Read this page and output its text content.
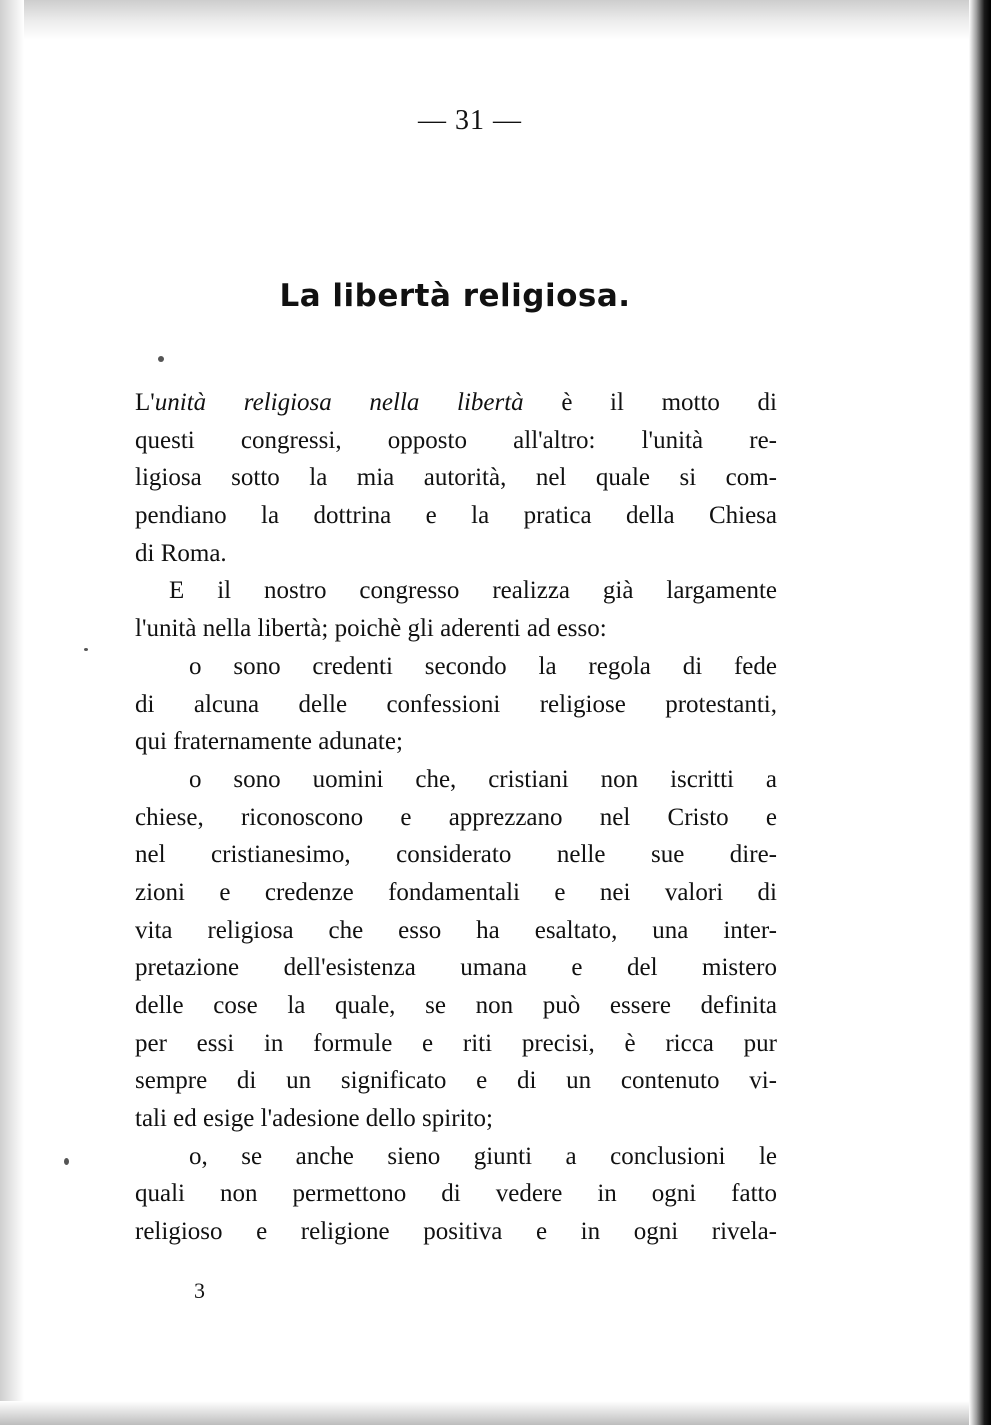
— 31 —
La libertà religiosa.
L'unità religiosa nella libertà è il motto di
questi congressi, opposto all'altro: l'unità re-
ligiosa sotto la mia autorità, nel quale si com-
pendiano la dottrina e la pratica della Chiesa
di Roma.
E il nostro congresso realizza già largamente
l'unità nella libertà; poichè gli aderenti ad esso:
o sono credenti secondo la regola di fede
di alcuna delle confessioni religiose protestanti,
qui fraternamente adunate;
o sono uomini che, cristiani non iscritti a
chiese, riconoscono e apprezzano nel Cristo e
nel cristianesimo, considerato nelle sue dire-
zioni e credenze fondamentali e nei valori di
vita religiosa che esso ha esaltato, una inter-
pretazione dell'esistenza umana e del mistero
delle cose la quale, se non può essere definita
per essi in formule e riti precisi, è ricca pur
sempre di un significato e di un contenuto vi-
tali ed esige l'adesione dello spirito;
o, se anche sieno giunti a conclusioni le
quali non permettono di vedere in ogni fatto
religioso e religione positiva e in ogni rivela-
3
